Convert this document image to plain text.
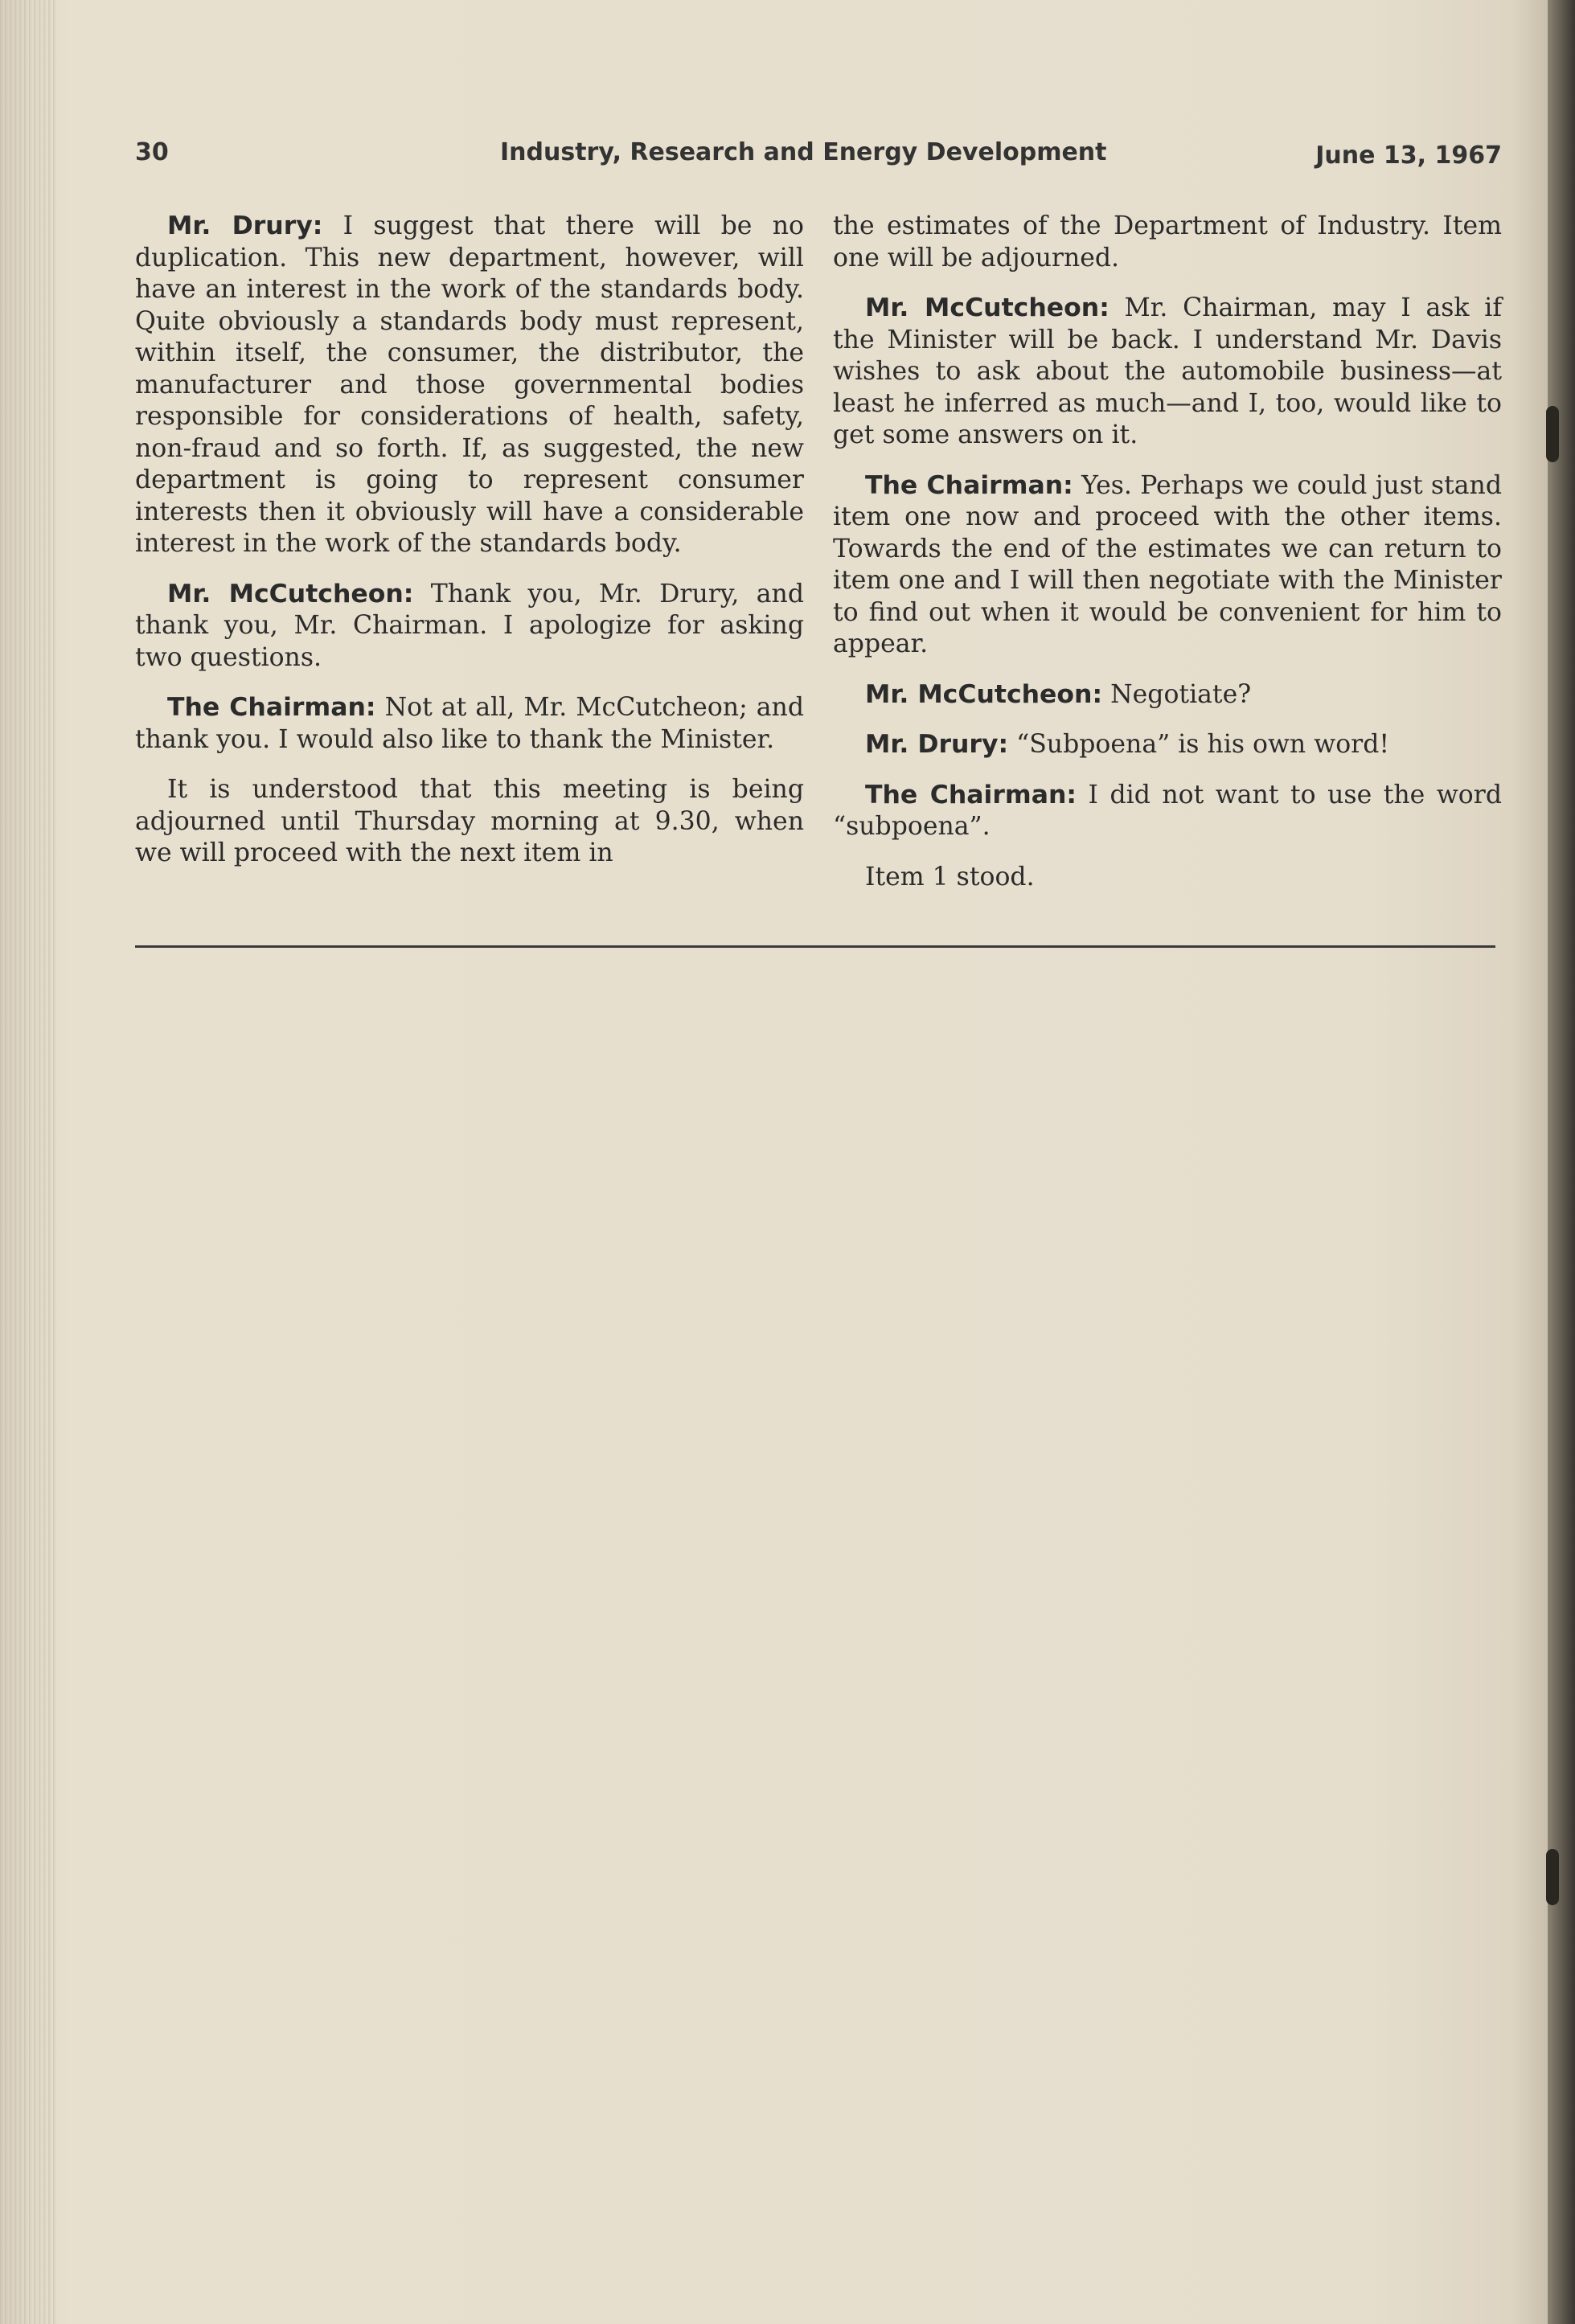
30	Industry, Research and Energy Development	June 13, 1967

Mr. Drury: I suggest that there will be no duplication. This new department, however, will have an interest in the work of the standards body. Quite obviously a standards body must represent, within itself, the consumer, the distributor, the manufacturer and those governmental bodies responsible for considerations of health, safety, non-fraud and so forth. If, as suggested, the new department is going to represent consumer interests then it obviously will have a considerable interest in the work of the standards body.

Mr. McCutcheon: Thank you, Mr. Drury, and thank you, Mr. Chairman. I apologize for asking two questions.

The Chairman: Not at all, Mr. McCutcheon; and thank you. I would also like to thank the Minister.

It is understood that this meeting is being adjourned until Thursday morning at 9.30, when we will proceed with the next item in

the estimates of the Department of Industry. Item one will be adjourned.

Mr. McCutcheon: Mr. Chairman, may I ask if the Minister will be back. I understand Mr. Davis wishes to ask about the automobile business—at least he inferred as much—and I, too, would like to get some answers on it.

The Chairman: Yes. Perhaps we could just stand item one now and proceed with the other items. Towards the end of the estimates we can return to item one and I will then negotiate with the Minister to find out when it would be convenient for him to appear.

Mr. McCutcheon: Negotiate?

Mr. Drury: “Subpoena” is his own word!

The Chairman: I did not want to use the word “subpoena”.

Item 1 stood.
